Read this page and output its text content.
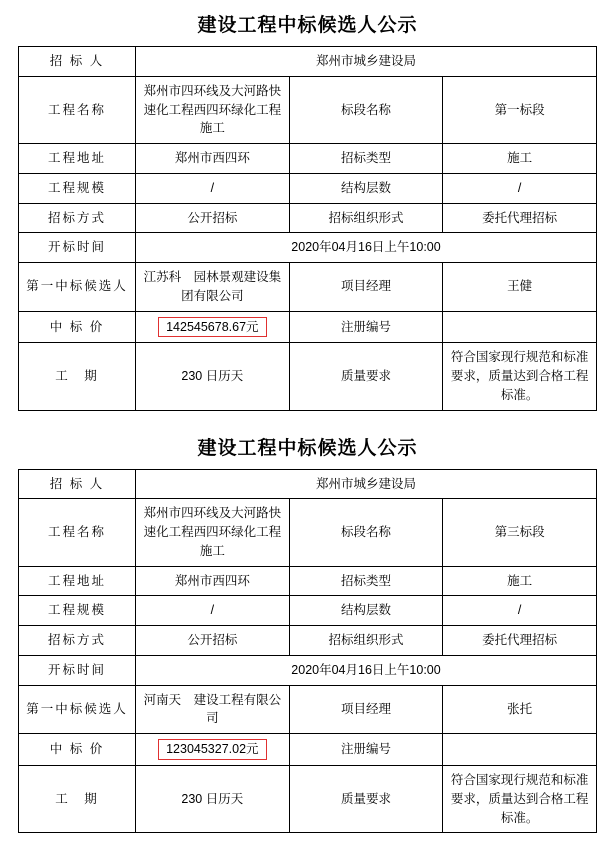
建设工程中标候选人公示
招 标 人	郑州市城乡建设局		
工程名称	郑州市四环线及大河路快速化工程西四环绿化工程施工	标段名称	第一标段
工程地址	郑州市西四环	招标类型	施工
工程规模	/	结构层数	/
招标方式	公开招标	招标组织形式	委托代理招标
开标时间	2020年04月16日上午10:00		
第一中标候选人	江苏科　园林景观建设集团有限公司	项目经理	王健
中 标 价	142545678.67元	注册编号	
工　期	230 日历天	质量要求	符合国家现行规范和标准要求，质量达到合格工程标准。
建设工程中标候选人公示
招 标 人	郑州市城乡建设局		
工程名称	郑州市四环线及大河路快速化工程西四环绿化工程施工	标段名称	第三标段
工程地址	郑州市西四环	招标类型	施工
工程规模	/	结构层数	/
招标方式	公开招标	招标组织形式	委托代理招标
开标时间	2020年04月16日上午10:00		
第一中标候选人	河南天　建设工程有限公司	项目经理	张托
中 标 价	123045327.02元	注册编号	
工　期	230 日历天	质量要求	符合国家现行规范和标准要求，质量达到合格工程标准。
